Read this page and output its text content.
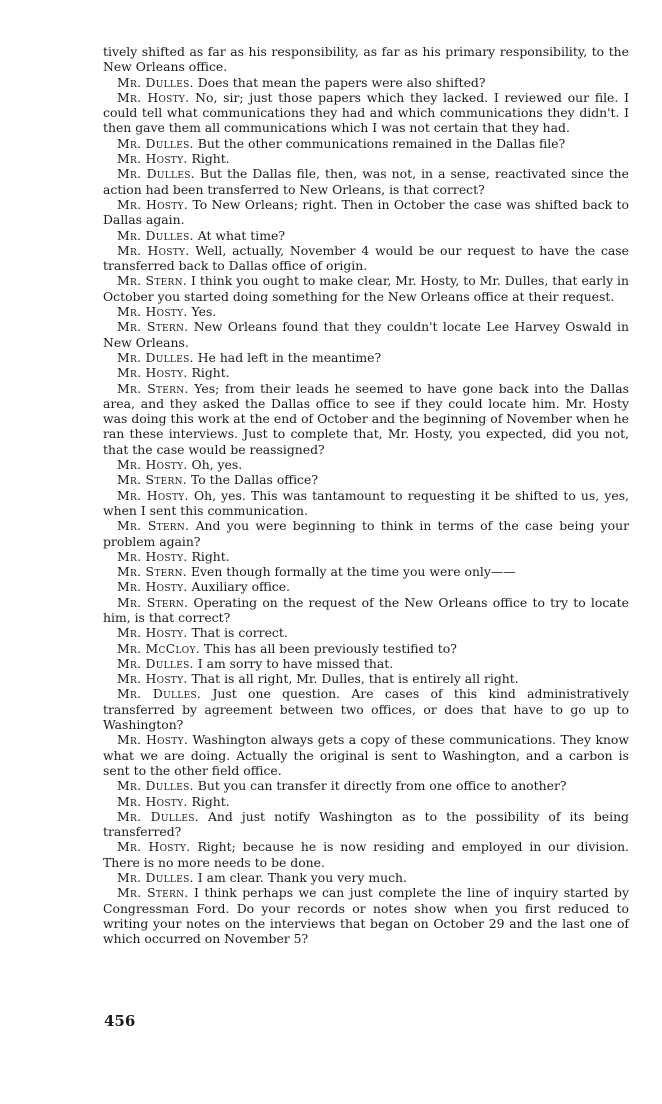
tively shifted as far as his responsibility, as far as his primary responsibility, to the New Orleans office.

Mr. Dulles. Does that mean the papers were also shifted?

Mr. Hosty. No, sir; just those papers which they lacked. I reviewed our file. I could tell what communications they had and which communications they didn't. I then gave them all communications which I was not certain that they had.

Mr. Dulles. But the other communications remained in the Dallas file?

Mr. Hosty. Right.

Mr. Dulles. But the Dallas file, then, was not, in a sense, reactivated since the action had been transferred to New Orleans, is that correct?

Mr. Hosty. To New Orleans; right. Then in October the case was shifted back to Dallas again.

Mr. Dulles. At what time?

Mr. Hosty. Well, actually, November 4 would be our request to have the case transferred back to Dallas office of origin.

Mr. Stern. I think you ought to make clear, Mr. Hosty, to Mr. Dulles, that early in October you started doing something for the New Orleans office at their request.

Mr. Hosty. Yes.

Mr. Stern. New Orleans found that they couldn't locate Lee Harvey Oswald in New Orleans.

Mr. Dulles. He had left in the meantime?

Mr. Hosty. Right.

Mr. Stern. Yes; from their leads he seemed to have gone back into the Dallas area, and they asked the Dallas office to see if they could locate him. Mr. Hosty was doing this work at the end of October and the beginning of November when he ran these interviews. Just to complete that, Mr. Hosty, you expected, did you not, that the case would be reassigned?

Mr. Hosty. Oh, yes.

Mr. Stern. To the Dallas office?

Mr. Hosty. Oh, yes. This was tantamount to requesting it be shifted to us, yes, when I sent this communication.

Mr. Stern. And you were beginning to think in terms of the case being your problem again?

Mr. Hosty. Right.

Mr. Stern. Even though formally at the time you were only——

Mr. Hosty. Auxiliary office.

Mr. Stern. Operating on the request of the New Orleans office to try to locate him, is that correct?

Mr. Hosty. That is correct.

Mr. McCloy. This has all been previously testified to?

Mr. Dulles. I am sorry to have missed that.

Mr. Hosty. That is all right, Mr. Dulles, that is entirely all right.

Mr. Dulles. Just one question. Are cases of this kind administratively transferred by agreement between two offices, or does that have to go up to Washington?

Mr. Hosty. Washington always gets a copy of these communications. They know what we are doing. Actually the original is sent to Washington, and a carbon is sent to the other field office.

Mr. Dulles. But you can transfer it directly from one office to another?

Mr. Hosty. Right.

Mr. Dulles. And just notify Washington as to the possibility of its being transferred?

Mr. Hosty. Right; because he is now residing and employed in our division. There is no more needs to be done.

Mr. Dulles. I am clear. Thank you very much.

Mr. Stern. I think perhaps we can just complete the line of inquiry started by Congressman Ford. Do your records or notes show when you first reduced to writing your notes on the interviews that began on October 29 and the last one of which occurred on November 5?

456
